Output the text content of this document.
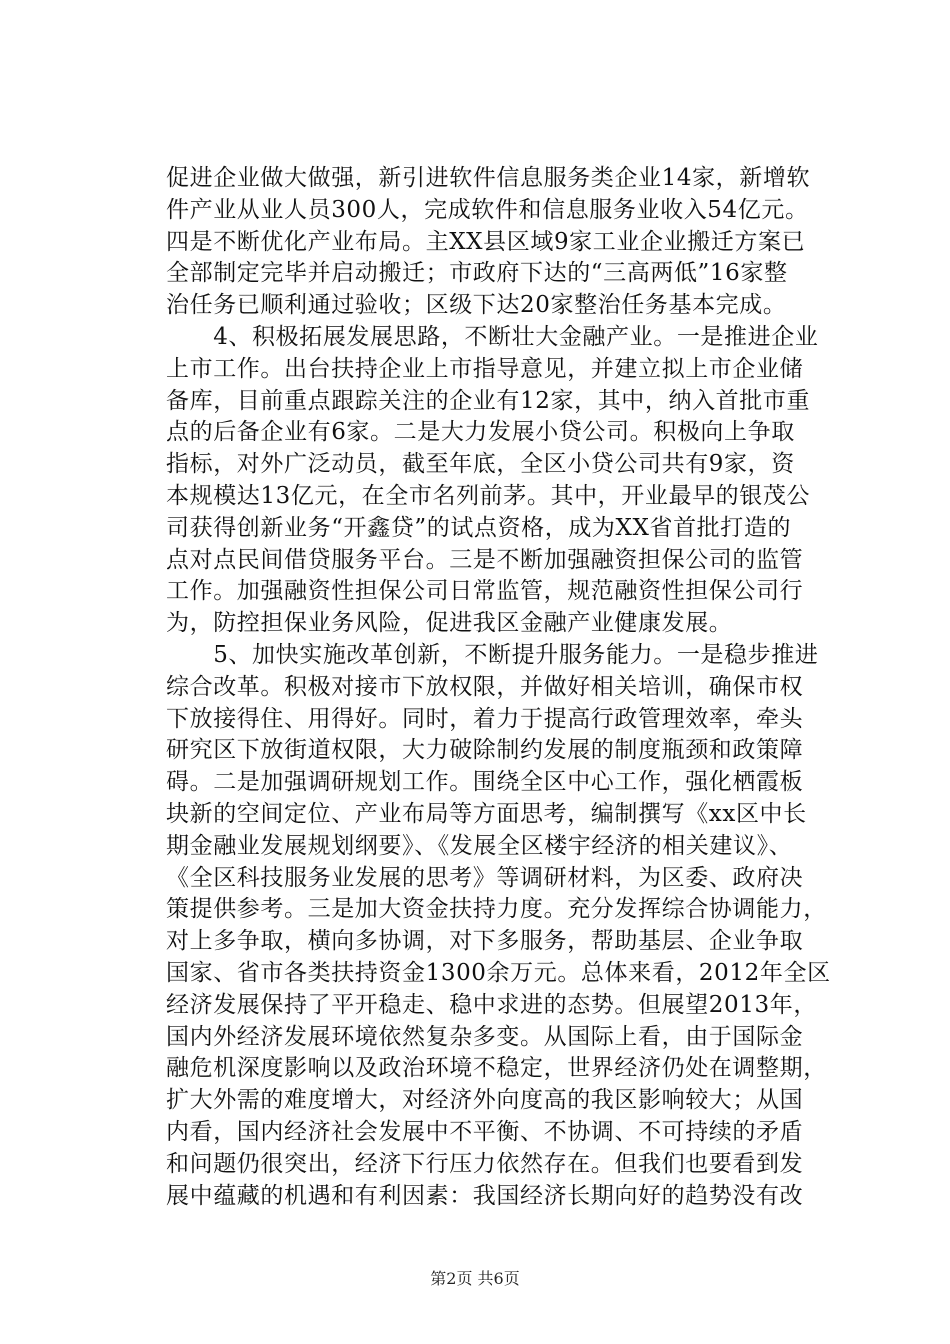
促进企业做大做强，新引进软件信息服务类企业14家，新增软
件产业从业人员300人，完成软件和信息服务业收入54亿元。
四是不断优化产业布局。主XX县区域9家工业企业搬迁方案已
全部制定完毕并启动搬迁；市政府下达的“三高两低”16家整
治任务已顺利通过验收；区级下达20家整治任务基本完成。
　　4、积极拓展发展思路，不断壮大金融产业。一是推进企业
上市工作。出台扶持企业上市指导意见，并建立拟上市企业储
备库，目前重点跟踪关注的企业有12家，其中，纳入首批市重
点的后备企业有6家。二是大力发展小贷公司。积极向上争取
指标，对外广泛动员，截至年底，全区小贷公司共有9家，资
本规模达13亿元，在全市名列前茅。其中，开业最早的银茂公
司获得创新业务“开鑫贷”的试点资格，成为XX省首批打造的
点对点民间借贷服务平台。三是不断加强融资担保公司的监管
工作。加强融资性担保公司日常监管，规范融资性担保公司行
为，防控担保业务风险，促进我区金融产业健康发展。
　　5、加快实施改革创新，不断提升服务能力。一是稳步推进
综合改革。积极对接市下放权限，并做好相关培训，确保市权
下放接得住、用得好。同时，着力于提高行政管理效率，牵头
研究区下放街道权限，大力破除制约发展的制度瓶颈和政策障
碍。二是加强调研规划工作。围绕全区中心工作，强化栖霞板
块新的空间定位、产业布局等方面思考，编制撰写《xx区中长
期金融业发展规划纲要》、《发展全区楼宇经济的相关建议》、
《全区科技服务业发展的思考》等调研材料，为区委、政府决
策提供参考。三是加大资金扶持力度。充分发挥综合协调能力，
对上多争取，横向多协调，对下多服务，帮助基层、企业争取
国家、省市各类扶持资金1300余万元。总体来看，2012年全区
经济发展保持了平开稳走、稳中求进的态势。但展望2013年，
国内外经济发展环境依然复杂多变。从国际上看，由于国际金
融危机深度影响以及政治环境不稳定，世界经济仍处在调整期，
扩大外需的难度增大，对经济外向度高的我区影响较大；从国
内看，国内经济社会发展中不平衡、不协调、不可持续的矛盾
和问题仍很突出，经济下行压力依然存在。但我们也要看到发
展中蕴藏的机遇和有利因素：我国经济长期向好的趋势没有改
第2页 共6页
